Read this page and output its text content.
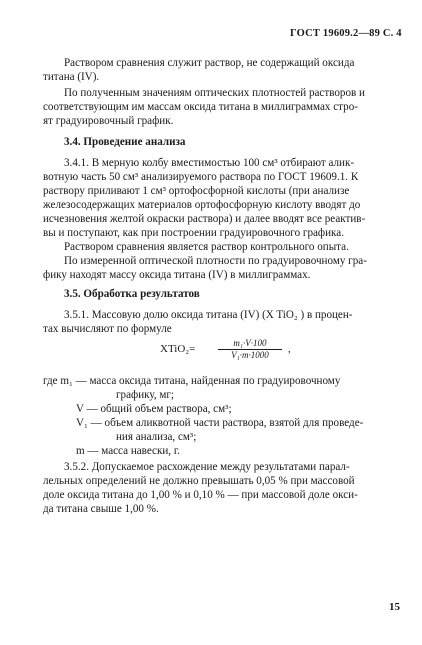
ГОСТ 19609.2—89 С. 4

Раствором сравнения служит раствор, не содержащий оксида

титана (IV).

По полученным значениям оптических плотностей растворов и

соответствующим им массам оксида титана в миллиграммах стро-

ят градуировочный график.

3.4. Проведение анализа

3.4.1. В мерную колбу вместимостью 100 см³ отбирают алик-

вотную часть 50 см³ анализируемого раствора по ГОСТ 19609.1. К

раствору приливают 1 см³ ортофосфорной кислоты (при анализе

железосодержащих материалов ортофосфорную кислоту вводят до

исчезновения желтой окраски раствора) и далее вводят все реактив-

вы и поступают, как при построении градуировочного графика.

Раствором сравнения является раствор контрольного опыта.

По измеренной оптической плотности по градуировочному гра-

фику находят массу оксида титана (IV) в миллиграммах.

3.5. Обработка результатов

3.5.1. Массовую долю оксида титана (IV) (X TiO₂ ) в процен-

тах вычисляют по формуле

XTiO₂=	m₁·V·100
V₁·m·1000	,

где m₁ — масса оксида титана, найденная по градуировочному

графику, мг;

V — общий объем раствора, см³;

V₁ — объем аликвотной части раствора, взятой для проведе-

ния анализа, см³;

m — масса навески, г.

3.5.2. Допускаемое расхождение между результатами парал-

лельных определений не должно превышать 0,05 % при массовой

доле оксида титана до 1,00 % и 0,10 % — при массовой доле окси-

да титана свыше 1,00 %.

15
